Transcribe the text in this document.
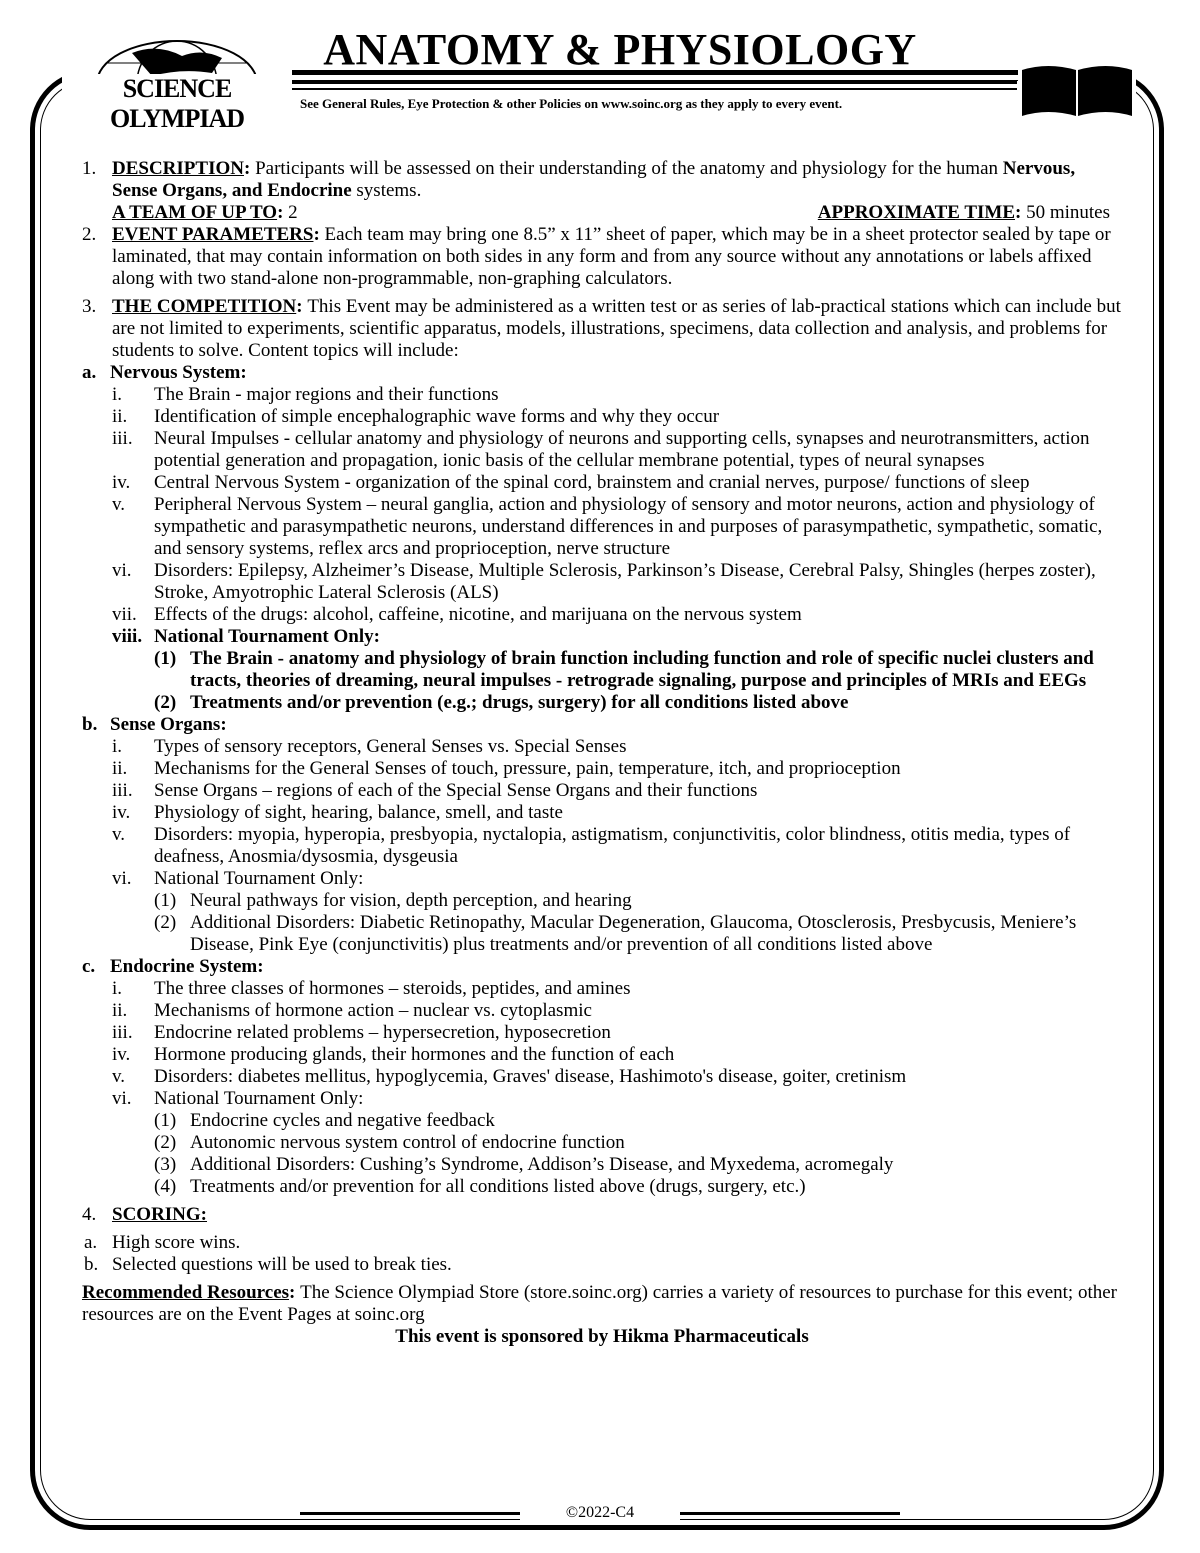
SCIENCE OLYMPIAD
ANATOMY & PHYSIOLOGY
See General Rules, Eye Protection & other Policies on www.soinc.org as they apply to every event.
1. DESCRIPTION: Participants will be assessed on their understanding of the anatomy and physiology for the human Nervous, Sense Organs, and Endocrine systems.
A TEAM OF UP TO: 2	APPROXIMATE TIME: 50 minutes
2. EVENT PARAMETERS: Each team may bring one 8.5” x 11” sheet of paper, which may be in a sheet protector sealed by tape or laminated, that may contain information on both sides in any form and from any source without any annotations or labels affixed along with two stand-alone non-programmable, non-graphing calculators.
3. THE COMPETITION: This Event may be administered as a written test or as series of lab-practical stations which can include but are not limited to experiments, scientific apparatus, models, illustrations, specimens, data collection and analysis, and problems for students to solve. Content topics will include:
a. Nervous System:
i. The Brain - major regions and their functions
ii. Identification of simple encephalographic wave forms and why they occur
iii. Neural Impulses - cellular anatomy and physiology of neurons and supporting cells, synapses and neurotransmitters, action potential generation and propagation, ionic basis of the cellular membrane potential, types of neural synapses
iv. Central Nervous System - organization of the spinal cord, brainstem and cranial nerves, purpose/ functions of sleep
v. Peripheral Nervous System – neural ganglia, action and physiology of sensory and motor neurons, action and physiology of sympathetic and parasympathetic neurons, understand differences in and purposes of parasympathetic, sympathetic, somatic, and sensory systems, reflex arcs and proprioception, nerve structure
vi. Disorders: Epilepsy, Alzheimer’s Disease, Multiple Sclerosis, Parkinson’s Disease, Cerebral Palsy, Shingles (herpes zoster), Stroke, Amyotrophic Lateral Sclerosis (ALS)
vii. Effects of the drugs: alcohol, caffeine, nicotine, and marijuana on the nervous system
viii. National Tournament Only:
(1) The Brain - anatomy and physiology of brain function including function and role of specific nuclei clusters and tracts, theories of dreaming, neural impulses - retrograde signaling, purpose and principles of MRIs and EEGs
(2) Treatments and/or prevention (e.g.; drugs, surgery) for all conditions listed above
b. Sense Organs:
i. Types of sensory receptors, General Senses vs. Special Senses
ii. Mechanisms for the General Senses of touch, pressure, pain, temperature, itch, and proprioception
iii. Sense Organs – regions of each of the Special Sense Organs and their functions
iv. Physiology of sight, hearing, balance, smell, and taste
v. Disorders: myopia, hyperopia, presbyopia, nyctalopia, astigmatism, conjunctivitis, color blindness, otitis media, types of deafness, Anosmia/dysosmia, dysgeusia
vi. National Tournament Only:
(1) Neural pathways for vision, depth perception, and hearing
(2) Additional Disorders: Diabetic Retinopathy, Macular Degeneration, Glaucoma, Otosclerosis, Presbycusis, Meniere’s Disease, Pink Eye (conjunctivitis) plus treatments and/or prevention of all conditions listed above
c. Endocrine System:
i. The three classes of hormones – steroids, peptides, and amines
ii. Mechanisms of hormone action – nuclear vs. cytoplasmic
iii. Endocrine related problems – hypersecretion, hyposecretion
iv. Hormone producing glands, their hormones and the function of each
v. Disorders: diabetes mellitus, hypoglycemia, Graves' disease, Hashimoto's disease, goiter, cretinism
vi. National Tournament Only:
(1) Endocrine cycles and negative feedback
(2) Autonomic nervous system control of endocrine function
(3) Additional Disorders: Cushing’s Syndrome, Addison’s Disease, and Myxedema, acromegaly
(4) Treatments and/or prevention for all conditions listed above (drugs, surgery, etc.)
4. SCORING:
a. High score wins.
b. Selected questions will be used to break ties.
Recommended Resources: The Science Olympiad Store (store.soinc.org) carries a variety of resources to purchase for this event; other resources are on the Event Pages at soinc.org
This event is sponsored by Hikma Pharmaceuticals
©2022-C4
